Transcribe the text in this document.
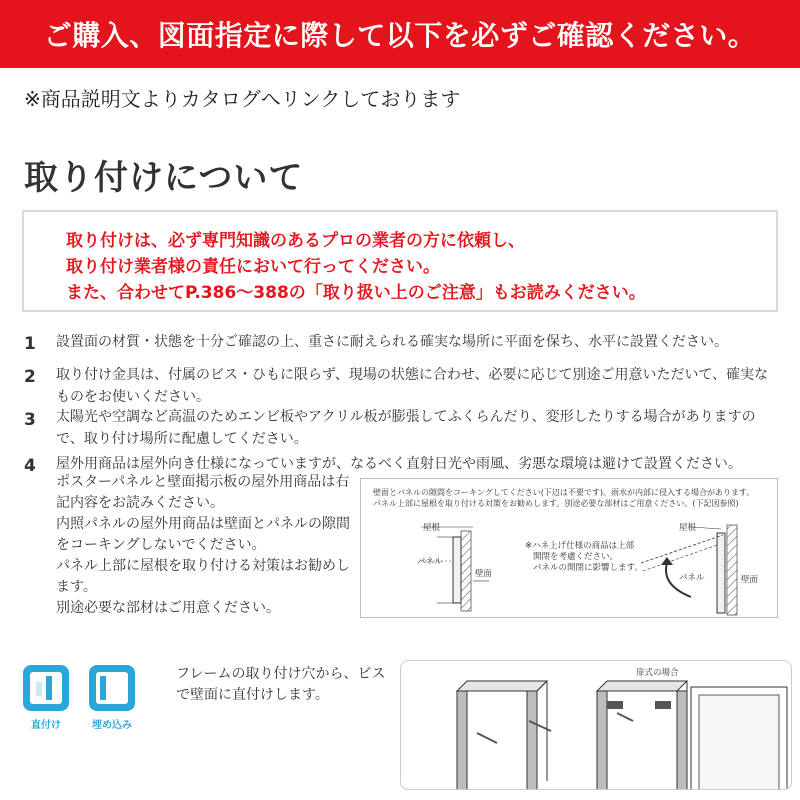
ご購入、図面指定に際して以下を必ずご確認ください。
※商品説明文よりカタログへリンクしております
取り付けについて
取り付けは、必ず専門知識のあるプロの業者の方に依頼し、
取り付け業者様の責任において行ってください。
また、合わせてP.386～388の「取り扱い上のご注意」もお読みください。
1 設置面の材質・状態を十分ご確認の上、重さに耐えられる確実な場所に平面を保ち、水平に設置ください。
2 取り付け金具は、付属のビス・ひもに限らず、現場の状態に合わせ、必要に応じて別途ご用意いただいて、確実なものをお使いください。
3 太陽光や空調など高温のためエンビ板やアクリル板が膨張してふくらんだり、変形したりする場合がありますので、取り付け場所に配慮してください。
4 屋外用商品は屋外向き仕様になっていますが、なるべく直射日光や雨風、劣悪な環境は避けて設置ください。
ポスターパネルと壁面掲示板の屋外用商品は右記内容をお読みください。
内照パネルの屋外用商品は壁面とパネルの隙間をコーキングしないでください。
パネル上部に屋根を取り付ける対策はお勧めします。
別途必要な部材はご用意ください。
壁面とパネルの隙間をコーキングしてください(下辺は不要です)。雨水が内部に侵入する場合があります。
パネル上部に屋根を取り付ける対策をお勧めします。別途必要な部材はご用意ください。(下記図参照)
屋根
パネル
壁面
※ハネ上げ仕様の商品は上部
開閉を考慮ください。
パネルの開閉に影響します。
屋根
パネル	壁面
直付け	埋め込み
フレームの取り付け穴から、ビスで壁面に直付けします。
扉式の場合
